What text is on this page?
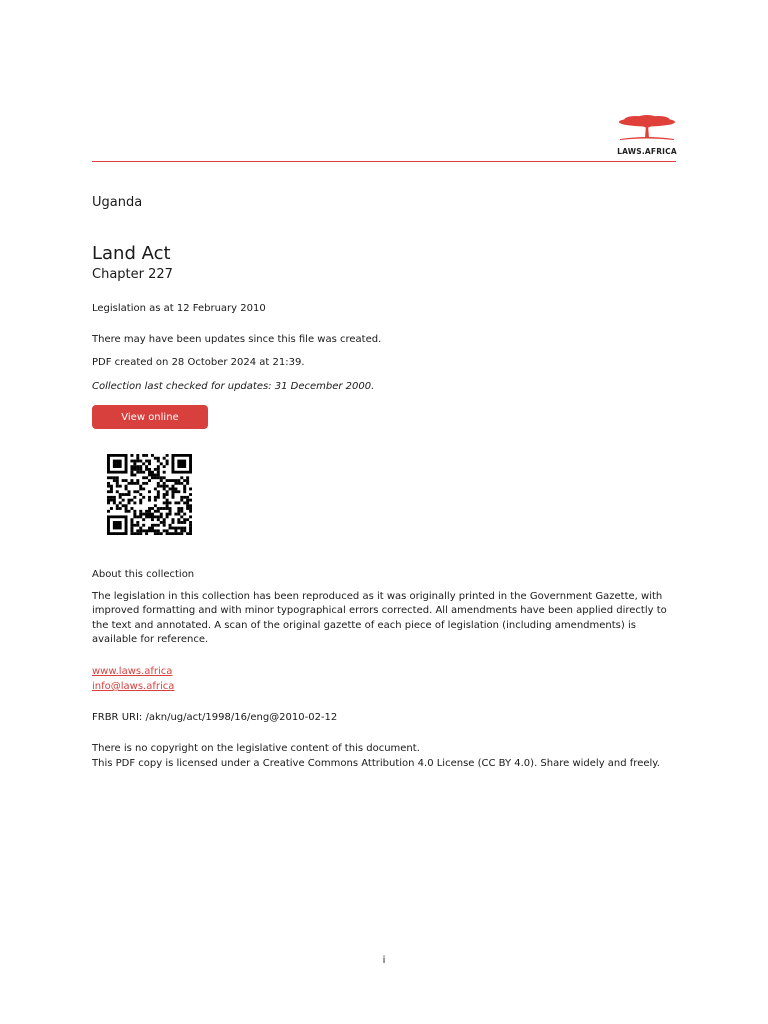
LAWS.AFRICA
Uganda
Land Act
Chapter 227
Legislation as at 12 February 2010
There may have been updates since this file was created.
PDF created on 28 October 2024 at 21:39.
Collection last checked for updates: 31 December 2000.
View online
About this collection
The legislation in this collection has been reproduced as it was originally printed in the Government Gazette, with improved formatting and with minor typographical errors corrected. All amendments have been applied directly to the text and annotated. A scan of the original gazette of each piece of legislation (including amendments) is available for reference.
www.laws.africa
info@laws.africa
FRBR URI: /akn/ug/act/1998/16/eng@2010-02-12
There is no copyright on the legislative content of this document.
This PDF copy is licensed under a Creative Commons Attribution 4.0 License (CC BY 4.0). Share widely and freely.
i
